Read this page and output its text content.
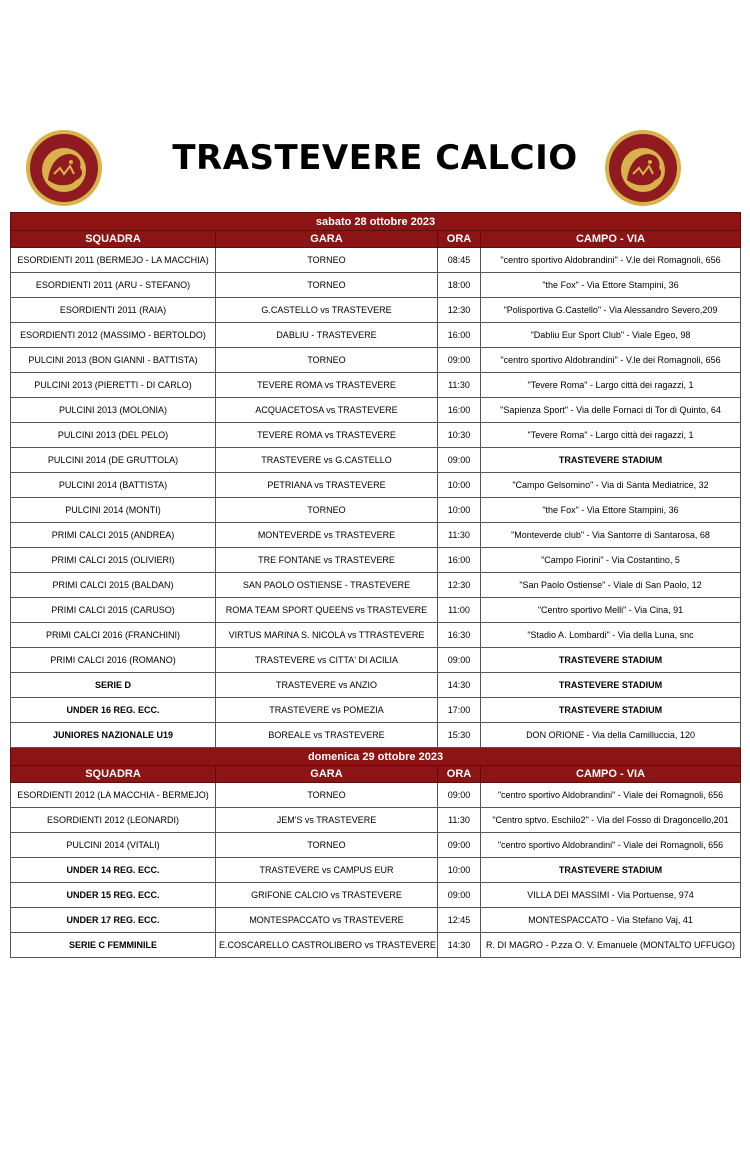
TRASTEVERE CALCIO
sabato 28 ottobre 2023			
SQUADRA	GARA	ORA	CAMPO - VIA
ESORDIENTI 2011 (BERMEJO - LA MACCHIA)	TORNEO	08:45	"centro sportivo Aldobrandini" - V.le dei Romagnoli, 656
ESORDIENTI 2011 (ARU - STEFANO)	TORNEO	18:00	"the Fox" - Via Ettore Stampini, 36
ESORDIENTI 2011 (RAIA)	G.CASTELLO vs TRASTEVERE	12:30	"Polisportiva G.Castello" - Via Alessandro Severo,209
ESORDIENTI 2012 (MASSIMO - BERTOLDO)	DABLIU - TRASTEVERE	16:00	"Dabliu Eur Sport Club" - Viale Egeo, 98
PULCINI 2013 (BON GIANNI - BATTISTA)	TORNEO	09:00	"centro sportivo Aldobrandini" - V.le dei Romagnoli, 656
PULCINI 2013 (PIERETTI - DI CARLO)	TEVERE ROMA vs TRASTEVERE	11:30	"Tevere Roma" - Largo città dei ragazzi, 1
PULCINI 2013 (MOLONIA)	ACQUACETOSA vs TRASTEVERE	16:00	"Sapienza Sport" - Via delle Fornaci di Tor di Quinto, 64
PULCINI 2013 (DEL PELO)	TEVERE ROMA vs TRASTEVERE	10:30	"Tevere Roma" - Largo città dei ragazzi, 1
PULCINI 2014 (DE GRUTTOLA)	TRASTEVERE vs G.CASTELLO	09:00	TRASTEVERE STADIUM
PULCINI 2014 (BATTISTA)	PETRIANA vs TRASTEVERE	10:00	"Campo Gelsomino" - Via di Santa Mediatrice, 32
PULCINI 2014 (MONTI)	TORNEO	10:00	"the Fox" - Via Ettore Stampini, 36
PRIMI CALCI 2015 (ANDREA)	MONTEVERDE vs TRASTEVERE	11:30	"Monteverde club" - Via Santorre di Santarosa, 68
PRIMI CALCI 2015 (OLIVIERI)	TRE FONTANE vs TRASTEVERE	16:00	"Campo Fiorini" - Via Costantino, 5
PRIMI CALCI 2015 (BALDAN)	SAN PAOLO OSTIENSE - TRASTEVERE	12:30	"San Paolo Ostiense" - Viale di San Paolo, 12
PRIMI CALCI 2015 (CARUSO)	ROMA TEAM SPORT QUEENS vs TRASTEVERE	11:00	"Centro sportivo Melli" - Via Cina, 91
PRIMI CALCI 2016 (FRANCHINI)	VIRTUS MARINA S. NICOLA vs TTRASTEVERE	16:30	"Stadio A. Lombardi" - Via della Luna, snc
PRIMI CALCI 2016 (ROMANO)	TRASTEVERE vs CITTA' DI ACILIA	09:00	TRASTEVERE STADIUM
SERIE D	TRASTEVERE vs ANZIO	14:30	TRASTEVERE STADIUM
UNDER 16 REG. ECC.	TRASTEVERE vs POMEZIA	17:00	TRASTEVERE STADIUM
JUNIORES NAZIONALE U19	BOREALE vs TRASTEVERE	15:30	DON ORIONE - Via della Camilluccia, 120
domenica 29 ottobre 2023			
SQUADRA	GARA	ORA	CAMPO - VIA
ESORDIENTI 2012 (LA MACCHIA - BERMEJO)	TORNEO	09:00	"centro sportivo Aldobrandini" - Viale dei Romagnoli, 656
ESORDIENTI 2012 (LEONARDI)	JEM'S vs TRASTEVERE	11:30	"Centro sptvo. Eschilo2" - Via del Fosso di Dragoncello,201
PULCINI 2014 (VITALI)	TORNEO	09:00	"centro sportivo Aldobrandini" - Viale dei Romagnoli, 656
UNDER 14 REG. ECC.	TRASTEVERE vs CAMPUS EUR	10:00	TRASTEVERE STADIUM
UNDER 15 REG. ECC.	GRIFONE CALCIO vs TRASTEVERE	09:00	VILLA DEI MASSIMI - Via Portuense, 974
UNDER 17 REG. ECC.	MONTESPACCATO vs TRASTEVERE	12:45	MONTESPACCATO - Via Stefano Vaj, 41
SERIE C FEMMINILE	E.COSCARELLO CASTROLIBERO vs TRASTEVERE	14:30	R. DI MAGRO - P.zza O. V. Emanuele (MONTALTO UFFUGO)
